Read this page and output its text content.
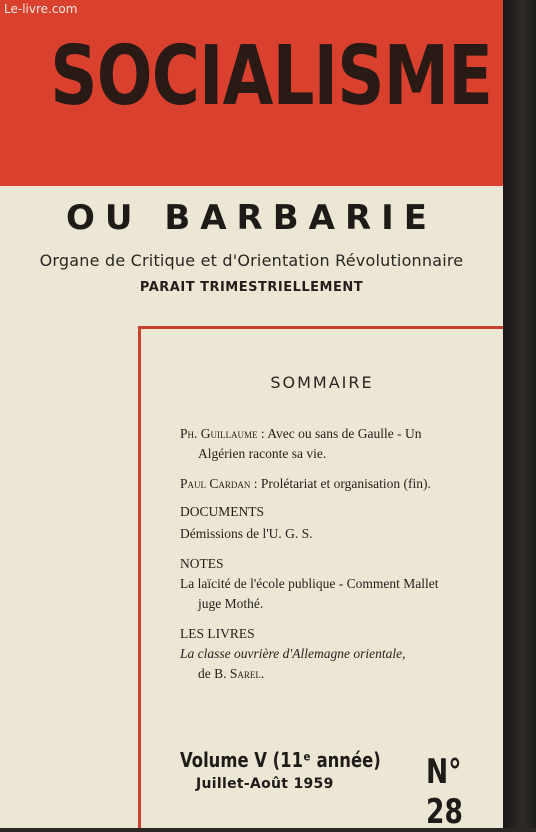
Le-livre.com
SOCIALISME
OU BARBARIE
Organe de Critique et d'Orientation Révolutionnaire
PARAIT TRIMESTRIELLEMENT
SOMMAIRE
Ph. Guillaume : Avec ou sans de Gaulle - Un
Algérien raconte sa vie.
Paul Cardan : Prolétariat et organisation (fin).
DOCUMENTS
Démissions de l'U. G. S.
NOTES
La laïcité de l'école publique - Comment Mallet
juge Mothé.
LES LIVRES
La classe ouvrière d'Allemagne orientale,
de B. Sarel.
Volume V (11ᵉ année)
Juillet-Août 1959	N° 28
